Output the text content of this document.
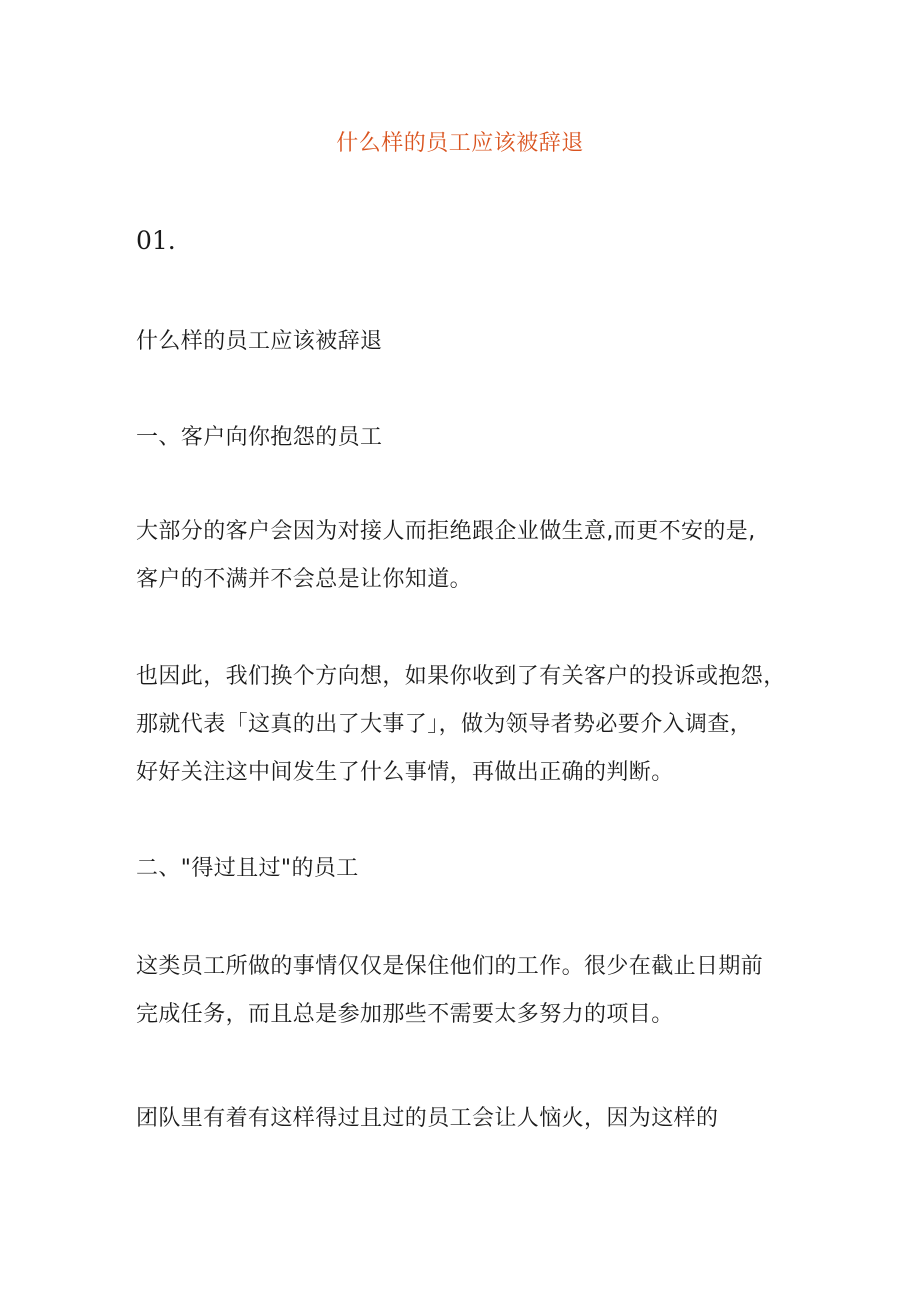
什么样的员工应该被辞退
01.

什么样的员工应该被辞退

一、客户向你抱怨的员工

大部分的客户会因为对接人而拒绝跟企业做生意,而更不安的是,
客户的不满并不会总是让你知道。

也因此，我们换个方向想，如果你收到了有关客户的投诉或抱怨，
那就代表「这真的出了大事了」，做为领导者势必要介入调查，
好好关注这中间发生了什么事情，再做出正确的判断。

二、"得过且过"的员工

这类员工所做的事情仅仅是保住他们的工作。很少在截止日期前
完成任务，而且总是参加那些不需要太多努力的项目。

团队里有着有这样得过且过的员工会让人恼火，因为这样的
